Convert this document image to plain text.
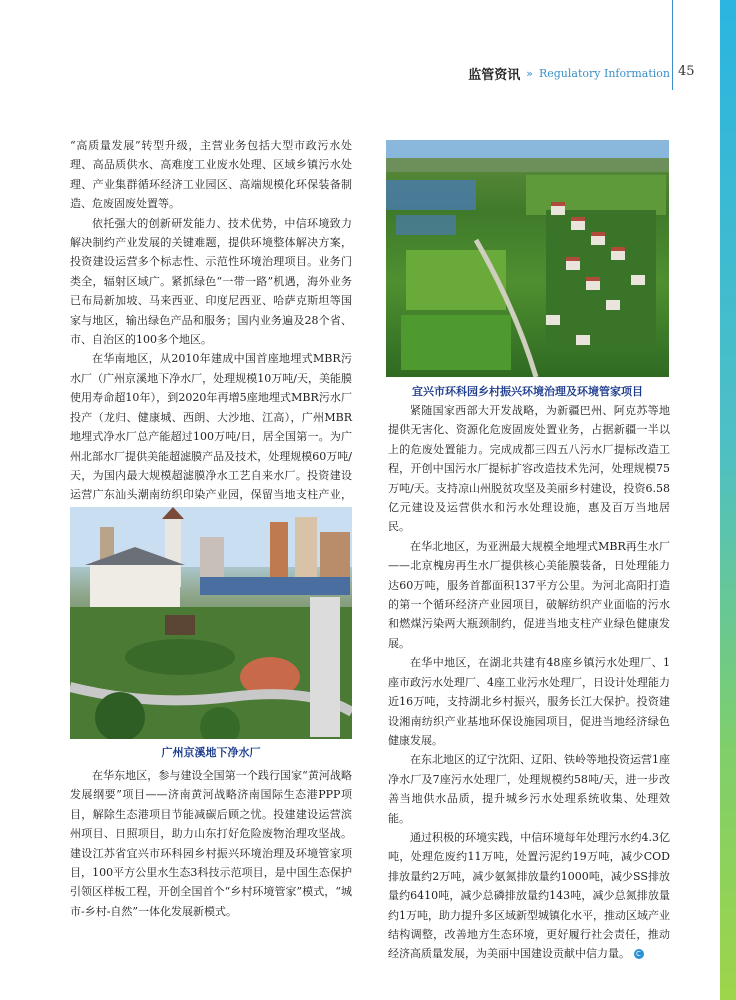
监管资讯 » Regulatory Information 45

“高质量发展”转型升级，主营业务包括大型市政污水处理、高品质供水、高难度工业废水处理、区域乡镇污水处理、产业集群循环经济工业园区、高端规模化环保装备制造、危废固废处置等。

依托强大的创新研发能力、技术优势，中信环境致力解决制约产业发展的关键难题，提供环境整体解决方案，投资建设运营多个标志性、示范性环境治理项目。业务门类全，辐射区域广。紧抓绿色“一带一路”机遇，海外业务已布局新加坡、马来西亚、印度尼西亚、哈萨克斯坦等国家与地区，输出绿色产品和服务；国内业务遍及28个省、市、自治区的100多个地区。

在华南地区，从2010年建成中国首座地埋式MBR污水厂（广州京溪地下净水厂，处理规模10万吨/天，美能膜使用寿命超10年），到2020年再增5座地埋式MBR污水厂投产（龙归、健康城、西朗、大沙地、江高），广州MBR地埋式净水厂总产能超过100万吨/日，居全国第一。为广州北部水厂提供美能超滤膜产品及技术，处理规模60万吨/天，为国内最大规模超滤膜净水工艺自来水厂。投资建设运营广东汕头潮南纺织印染产业园，保留当地支柱产业，

广州京溪地下净水厂

在华东地区，参与建设全国第一个践行国家“黄河战略发展纲要”项目——济南黄河战略济南国际生态港PPP项目，解除生态港项目节能减碳后顾之忧。投建建设运营滨州项目、日照项目，助力山东打好危险废物治理攻坚战。建设江苏省宜兴市环科园乡村振兴环境治理及环境管家项目，100平方公里水生态3科技示范项目，是中国生态保护引领区样板工程，开创全国首个“乡村环境管家”模式，“城市-乡村-自然”一体化发展新模式。

宜兴市环科园乡村振兴环境治理及环境管家项目

紧随国家西部大开发战略，为新疆巴州、阿克苏等地提供无害化、资源化危废固废处置业务，占据新疆一半以上的危废处置能力。完成成都三四五八污水厂提标改造工程，开创中国污水厂提标扩容改造技术先河，处理规模75万吨/天。支持凉山州脱贫攻坚及美丽乡村建设，投资6.58亿元建设及运营供水和污水处理设施，惠及百万当地居民。

在华北地区，为亚洲最大规模全地埋式MBR再生水厂——北京槐房再生水厂提供核心美能膜装备，日处理能力达60万吨，服务首都面积137平方公里。为河北高阳打造的第一个循环经济产业园项目，破解纺织产业面临的污水和燃煤污染两大瓶颈制约，促进当地支柱产业绿色健康发展。

在华中地区，在湖北共建有48座乡镇污水处理厂、1座市政污水处理厂、4座工业污水处理厂，日设计处理能力近16万吨，支持湖北乡村振兴，服务长江大保护。投资建设湘南纺织产业基地环保设施园项目，促进当地经济绿色健康发展。

在东北地区的辽宁沈阳、辽阳、铁岭等地投资运营1座净水厂及7座污水处理厂，处理规模约58吨/天，进一步改善当地供水品质，提升城乡污水处理系统收集、处理效能。

通过积极的环境实践，中信环境每年处理污水约4.3亿吨，处理危废约11万吨，处置污泥约19万吨，减少COD排放量约2万吨，减少氨氮排放量约1000吨，减少SS排放量约6410吨，减少总磷排放量约143吨，减少总氮排放量约1万吨，助力提升多区域新型城镇化水平，推动区域产业结构调整，改善地方生态环境，更好履行社会责任，推动经济高质量发展，为美丽中国建设贡献中信力量。 C
